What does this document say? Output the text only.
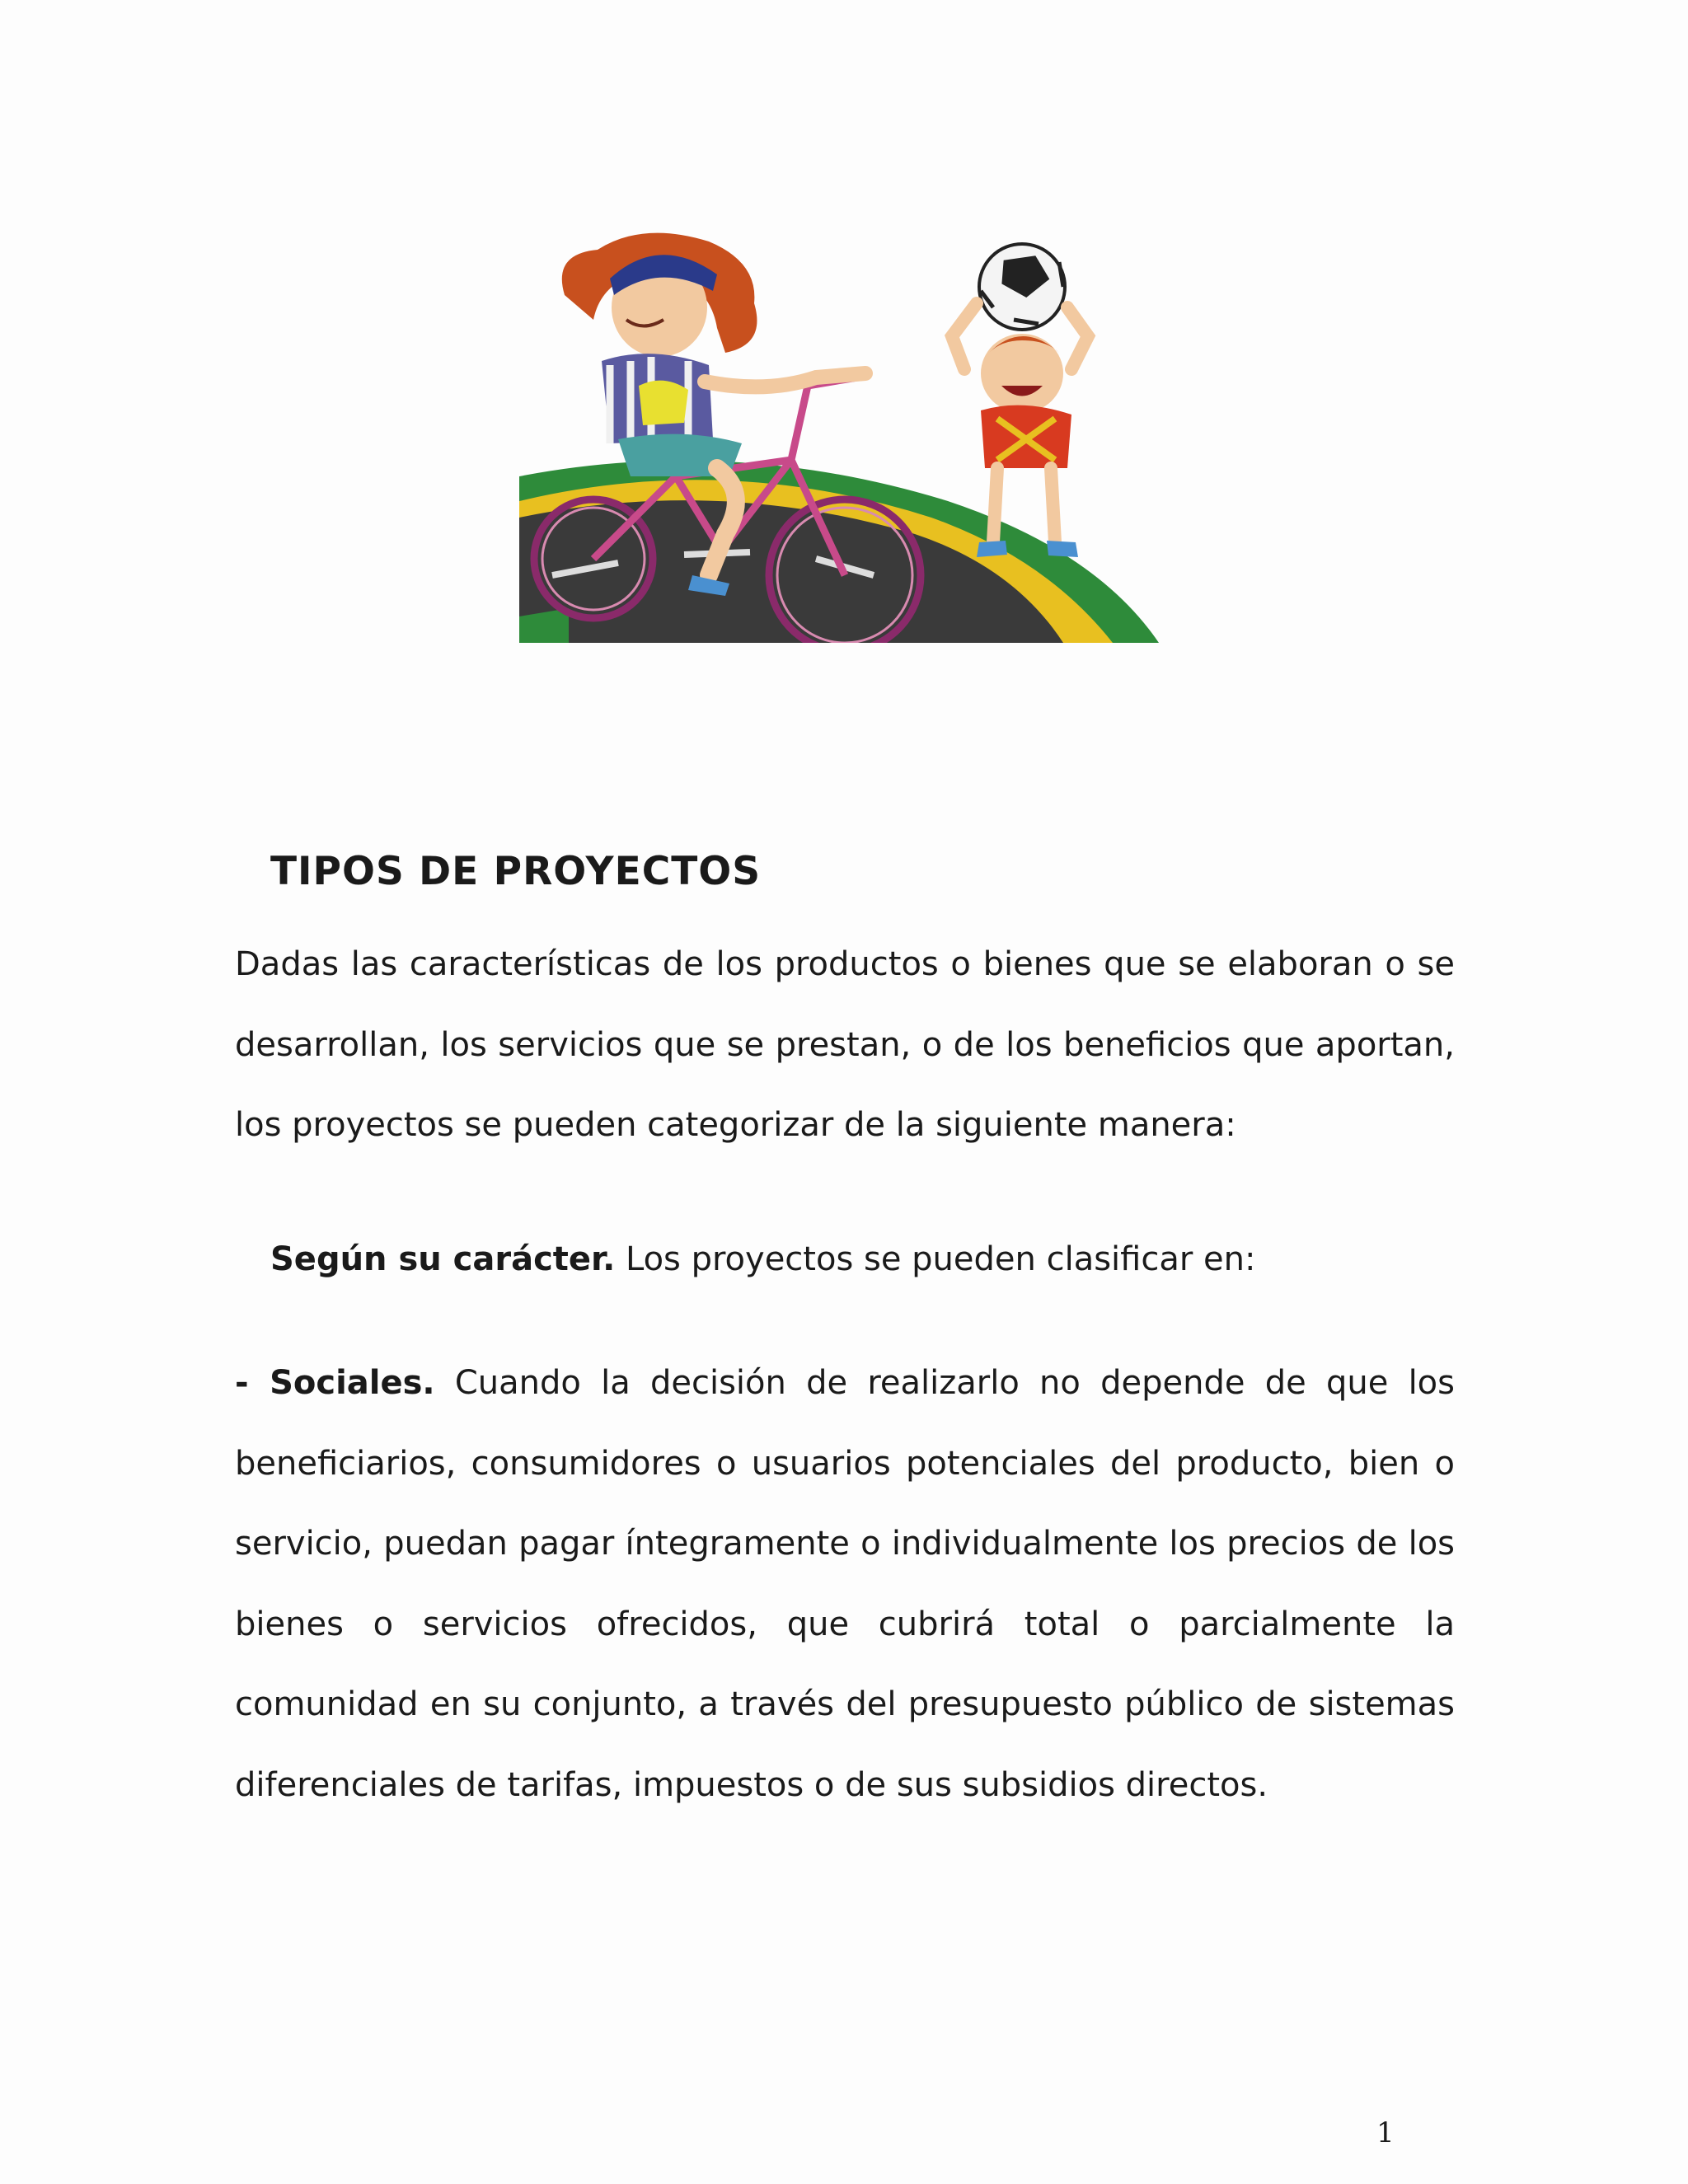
TIPOS DE PROYECTOS

Dadas las características de los productos o bienes que se elaboran o se desarrollan, los servicios que se prestan, o de los beneficios que aportan, los proyectos se pueden categorizar de la siguiente manera:

Según su carácter. Los proyectos se pueden clasificar en:

- Sociales. Cuando la decisión de realizarlo no depende de que los beneficiarios, consumidores o usuarios potenciales del producto, bien o servicio, puedan pagar íntegramente o individualmente los precios de los bienes o servicios ofrecidos, que cubrirá total o parcialmente la comunidad en su conjunto, a través del presupuesto público de sistemas diferenciales de tarifas, impuestos o de sus subsidios directos.

1
